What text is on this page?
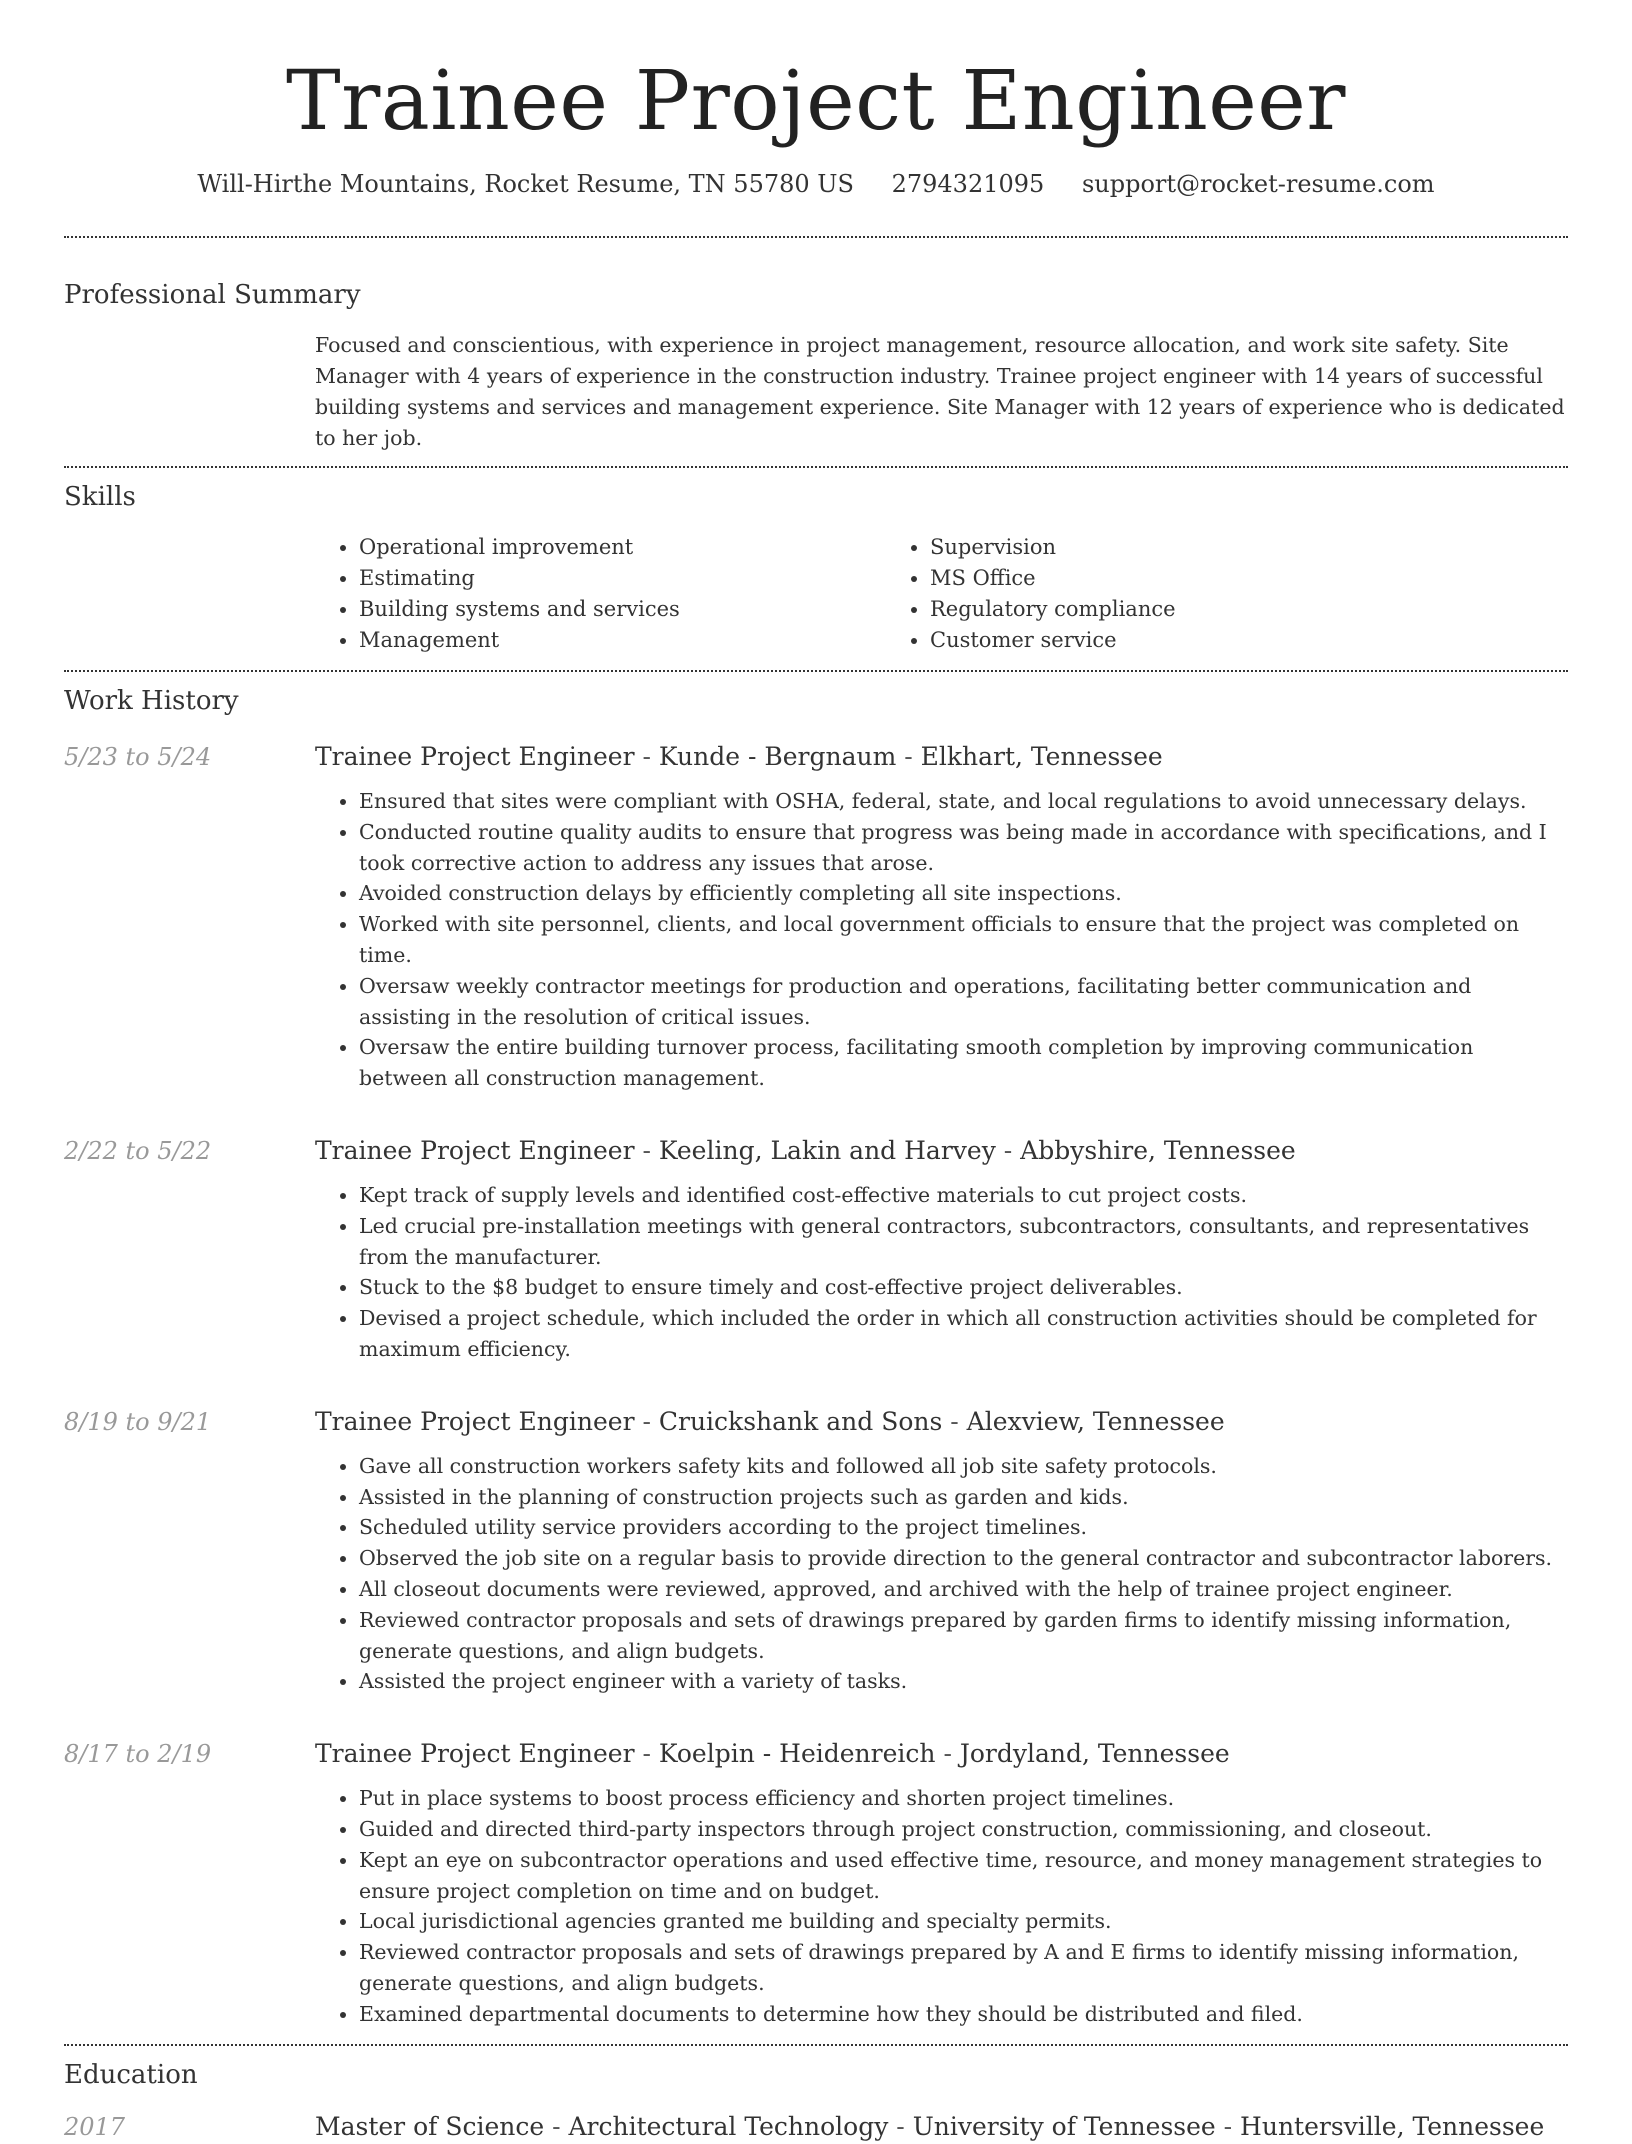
Trainee Project Engineer
Will-Hirthe Mountains, Rocket Resume, TN 55780 US 2794321095 support@rocket-resume.com
Professional Summary

Focused and conscientious, with experience in project management, resource allocation, and work site safety. Site Manager with 4 years of experience in the construction industry. Trainee project engineer with 14 years of successful building systems and services and management experience. Site Manager with 12 years of experience who is dedicated to her job.

Skills
• Operational improvement
• Estimating
• Building systems and services
• Management
• Supervision
• MS Office
• Regulatory compliance
• Customer service
Work History
5/23 to 5/24	Trainee Project Engineer - Kunde - Bergnaum - Elkhart, Tennessee

• Ensured that sites were compliant with OSHA, federal, state, and local regulations to avoid unnecessary delays.
• Conducted routine quality audits to ensure that progress was being made in accordance with specifications, and I took corrective action to address any issues that arose.
• Avoided construction delays by efficiently completing all site inspections.
• Worked with site personnel, clients, and local government officials to ensure that the project was completed on time.
• Oversaw weekly contractor meetings for production and operations, facilitating better communication and assisting in the resolution of critical issues.
• Oversaw the entire building turnover process, facilitating smooth completion by improving communication between all construction management.
2/22 to 5/22	Trainee Project Engineer - Keeling, Lakin and Harvey - Abbyshire, Tennessee

• Kept track of supply levels and identified cost-effective materials to cut project costs.
• Led crucial pre-installation meetings with general contractors, subcontractors, consultants, and representatives from the manufacturer.
• Stuck to the $8 budget to ensure timely and cost-effective project deliverables.
• Devised a project schedule, which included the order in which all construction activities should be completed for maximum efficiency.
8/19 to 9/21	Trainee Project Engineer - Cruickshank and Sons - Alexview, Tennessee

• Gave all construction workers safety kits and followed all job site safety protocols.
• Assisted in the planning of construction projects such as garden and kids.
• Scheduled utility service providers according to the project timelines.
• Observed the job site on a regular basis to provide direction to the general contractor and subcontractor laborers.
• All closeout documents were reviewed, approved, and archived with the help of trainee project engineer.
• Reviewed contractor proposals and sets of drawings prepared by garden firms to identify missing information, generate questions, and align budgets.
• Assisted the project engineer with a variety of tasks.
8/17 to 2/19	Trainee Project Engineer - Koelpin - Heidenreich - Jordyland, Tennessee

• Put in place systems to boost process efficiency and shorten project timelines.
• Guided and directed third-party inspectors through project construction, commissioning, and closeout.
• Kept an eye on subcontractor operations and used effective time, resource, and money management strategies to ensure project completion on time and on budget.
• Local jurisdictional agencies granted me building and specialty permits.
• Reviewed contractor proposals and sets of drawings prepared by A and E firms to identify missing information, generate questions, and align budgets.
• Examined departmental documents to determine how they should be distributed and filed.
Education
2017	Master of Science - Architectural Technology - University of Tennessee - Huntersville, Tennessee
